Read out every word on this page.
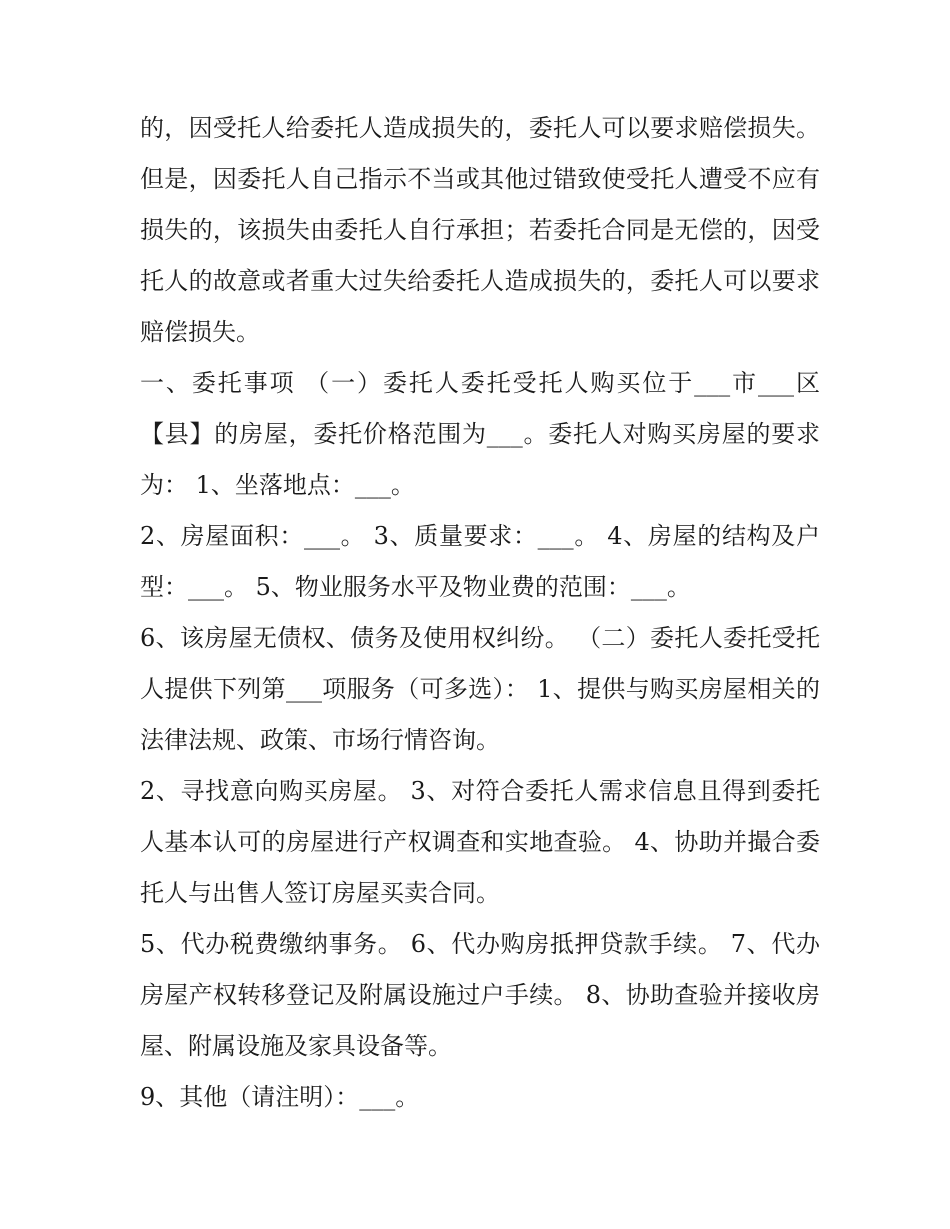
的，因受托人给委托人造成损失的，委托人可以要求赔偿损失。但是，因委托人自己指示不当或其他过错致使受托人遭受不应有损失的，该损失由委托人自行承担；若委托合同是无偿的，因受托人的故意或者重大过失给委托人造成损失的，委托人可以要求赔偿损失。

一、委托事项 （一）委托人委托受托人购买位于___市___区【县】的房屋，委托价格范围为___。委托人对购买房屋的要求为： 1、坐落地点：___。

2、房屋面积：___。 3、质量要求：___。 4、房屋的结构及户型：___。 5、物业服务水平及物业费的范围：___。

6、该房屋无债权、债务及使用权纠纷。 （二）委托人委托受托人提供下列第___项服务（可多选）： 1、提供与购买房屋相关的法律法规、政策、市场行情咨询。

2、寻找意向购买房屋。 3、对符合委托人需求信息且得到委托人基本认可的房屋进行产权调查和实地查验。 4、协助并撮合委托人与出售人签订房屋买卖合同。

5、代办税费缴纳事务。 6、代办购房抵押贷款手续。 7、代办房屋产权转移登记及附属设施过户手续。 8、协助查验并接收房屋、附属设施及家具设备等。

9、其他（请注明）：___。
